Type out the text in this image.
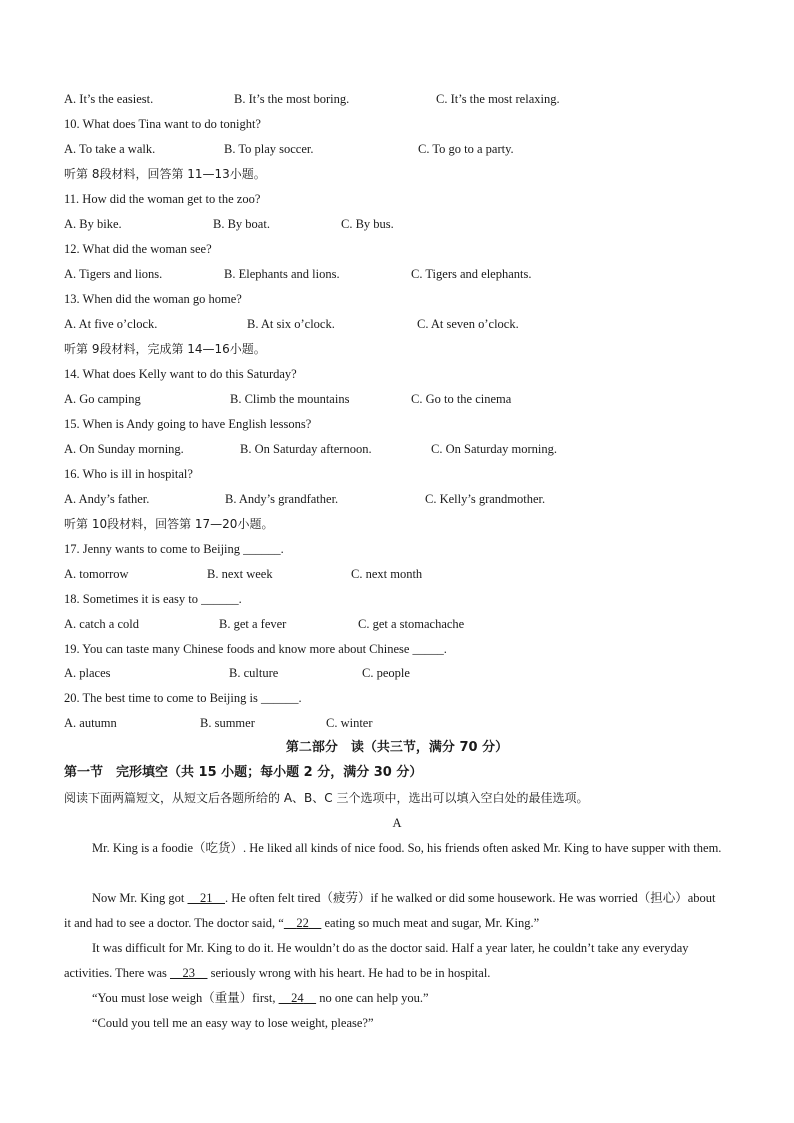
A. It’s the easiest.	B. It’s the most boring.	C. It’s the most relaxing.
10. What does Tina want to do tonight?
A. To take a walk.	B. To play soccer.	C. To go to a party.
听第 8段材料，回答第 11—13小题。
11. How did the woman get to the zoo?
A. By bike.	B. By boat.	C. By bus.
12. What did the woman see?
A. Tigers and lions.	B. Elephants and lions.	C. Tigers and elephants.
13. When did the woman go home?
A. At five o’clock.	B. At six o’clock.	C. At seven o’clock.
听第 9段材料，完成第 14—16小题。
14. What does Kelly want to do this Saturday?
A. Go camping	B. Climb the mountains	C. Go to the cinema
15. When is Andy going to have English lessons?
A. On Sunday morning.	B. On Saturday afternoon.	C. On Saturday morning.
16. Who is ill in hospital?
A. Andy’s father.	B. Andy’s grandfather.	C. Kelly’s grandmother.
听第 10段材料，回答第 17—20小题。
17. Jenny wants to come to Beijing ______.
A. tomorrow	B. next week	C. next month
18. Sometimes it is easy to ______.
A. catch a cold	B. get a fever	C. get a stomachache
19. You can taste many Chinese foods and know more about Chinese _____.
A. places	B. culture	C. people
20. The best time to come to Beijing is ______.
A. autumn	B. summer	C. winter
第二部分　读（共三节，满分 70 分）
第一节　完形填空（共 15 小题；每小题 2 分，满分 30 分）
阅读下面两篇短文，从短文后各题所给的 A、B、C 三个选项中，选出可以填入空白处的最佳选项。
A
Mr. King is a foodie（吃货）. He liked all kinds of nice food. So, his friends often asked Mr. King to have supper with them.
Now Mr. King got     21 . He often felt tired（疲劳）if he walked or did some housework. He was worried（担心）about it and had to see a doctor. The doctor said, “ 22     eating so much meat and sugar, Mr. King.”
It was difficult for Mr. King to do it. He wouldn’t do as the doctor said. Half a year later, he couldn’t take any everyday activities. There was     23     seriously wrong with his heart. He had to be in hospital.
“You must lose weigh（重量）first,     24     no one can help you.”
“Could you tell me an easy way to lose weight, please?”
